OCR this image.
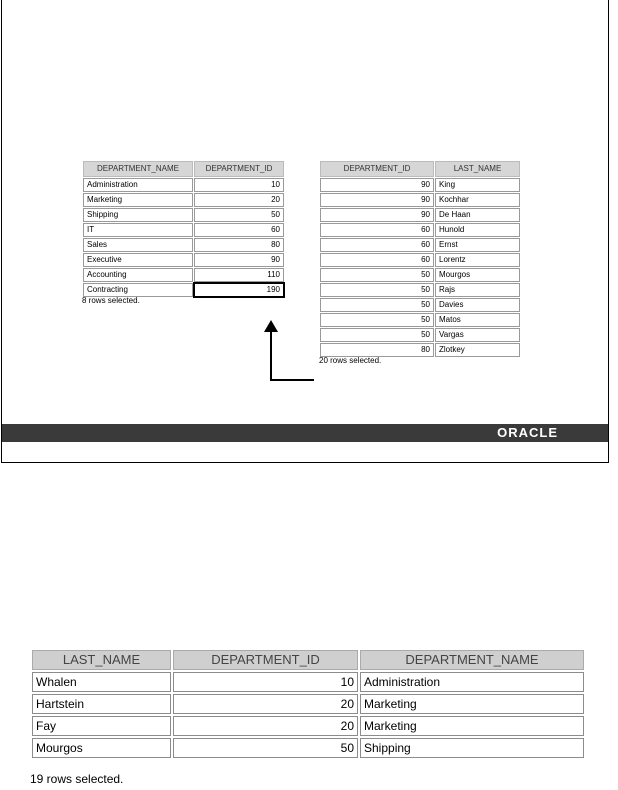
DEPARTMENT_NAME	DEPARTMENT_ID
Administration	10
Marketing	20
Shipping	50
IT	60
Sales	80
Executive	90
Accounting	110
Contracting	190
8 rows selected.
DEPARTMENT_ID	LAST_NAME
90	King
90	Kochhar
90	De Haan
60	Hunold
60	Ernst
60	Lorentz
50	Mourgos
50	Rajs
50	Davies
50	Matos
50	Vargas
80	Zlotkey
20 rows selected.
ORACLE
LAST_NAME	DEPARTMENT_ID	DEPARTMENT_NAME
Whalen	10	Administration
Hartstein	20	Marketing
Fay	20	Marketing
Mourgos	50	Shipping
19 rows selected.
